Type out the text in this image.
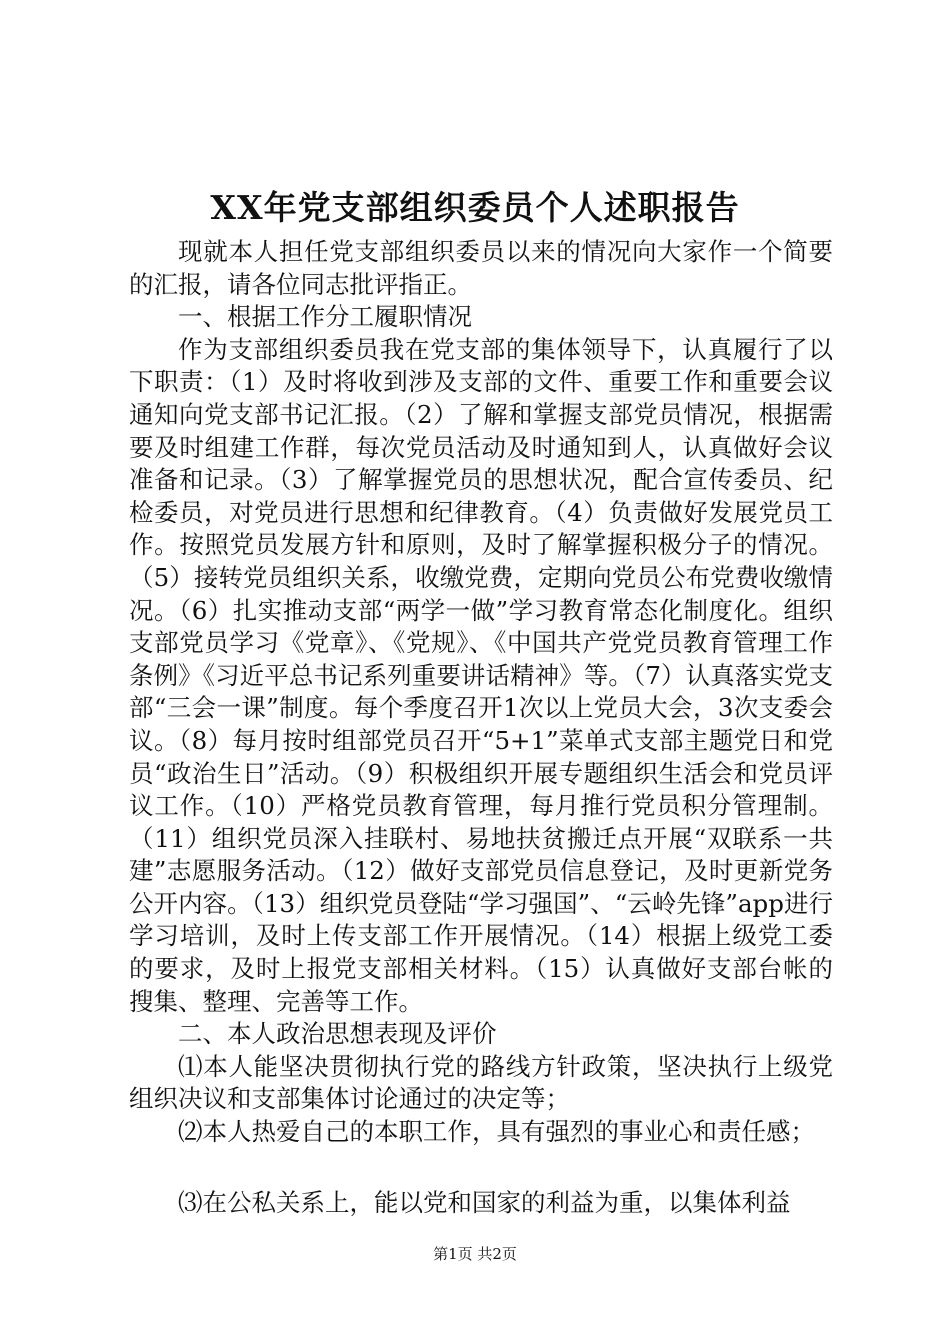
XX年党支部组织委员个人述职报告

现就本人担任党支部组织委员以来的情况向大家作一个简要的汇报，请各位同志批评指正。

一、根据工作分工履职情况

作为支部组织委员我在党支部的集体领导下，认真履行了以下职责：（1）及时将收到涉及支部的文件、重要工作和重要会议通知向党支部书记汇报。（2）了解和掌握支部党员情况，根据需要及时组建工作群，每次党员活动及时通知到人，认真做好会议准备和记录。（3）了解掌握党员的思想状况，配合宣传委员、纪检委员，对党员进行思想和纪律教育。（4）负责做好发展党员工作。按照党员发展方针和原则，及时了解掌握积极分子的情况。（5）接转党员组织关系，收缴党费，定期向党员公布党费收缴情况。（6）扎实推动支部“两学一做”学习教育常态化制度化。组织支部党员学习《党章》、《党规》、《中国共产党党员教育管理工作条例》《习近平总书记系列重要讲话精神》等。（7）认真落实党支部“三会一课”制度。每个季度召开1次以上党员大会，3次支委会议。（8）每月按时组部党员召开“5+1”菜单式支部主题党日和党员“政治生日”活动。（9）积极组织开展专题组织生活会和党员评议工作。（10）严格党员教育管理，每月推行党员积分管理制。（11）组织党员深入挂联村、易地扶贫搬迁点开展“双联系一共建”志愿服务活动。（12）做好支部党员信息登记，及时更新党务公开内容。（13）组织党员登陆“学习强国”、“云岭先锋”app进行学习培训，及时上传支部工作开展情况。（14）根据上级党工委的要求，及时上报党支部相关材料。（15）认真做好支部台帐的搜集、整理、完善等工作。

二、本人政治思想表现及评价

⑴本人能坚决贯彻执行党的路线方针政策，坚决执行上级党组织决议和支部集体讨论通过的决定等；

⑵本人热爱自己的本职工作，具有强烈的事业心和责任感；

⑶在公私关系上，能以党和国家的利益为重，以集体利益

第1页 共2页
